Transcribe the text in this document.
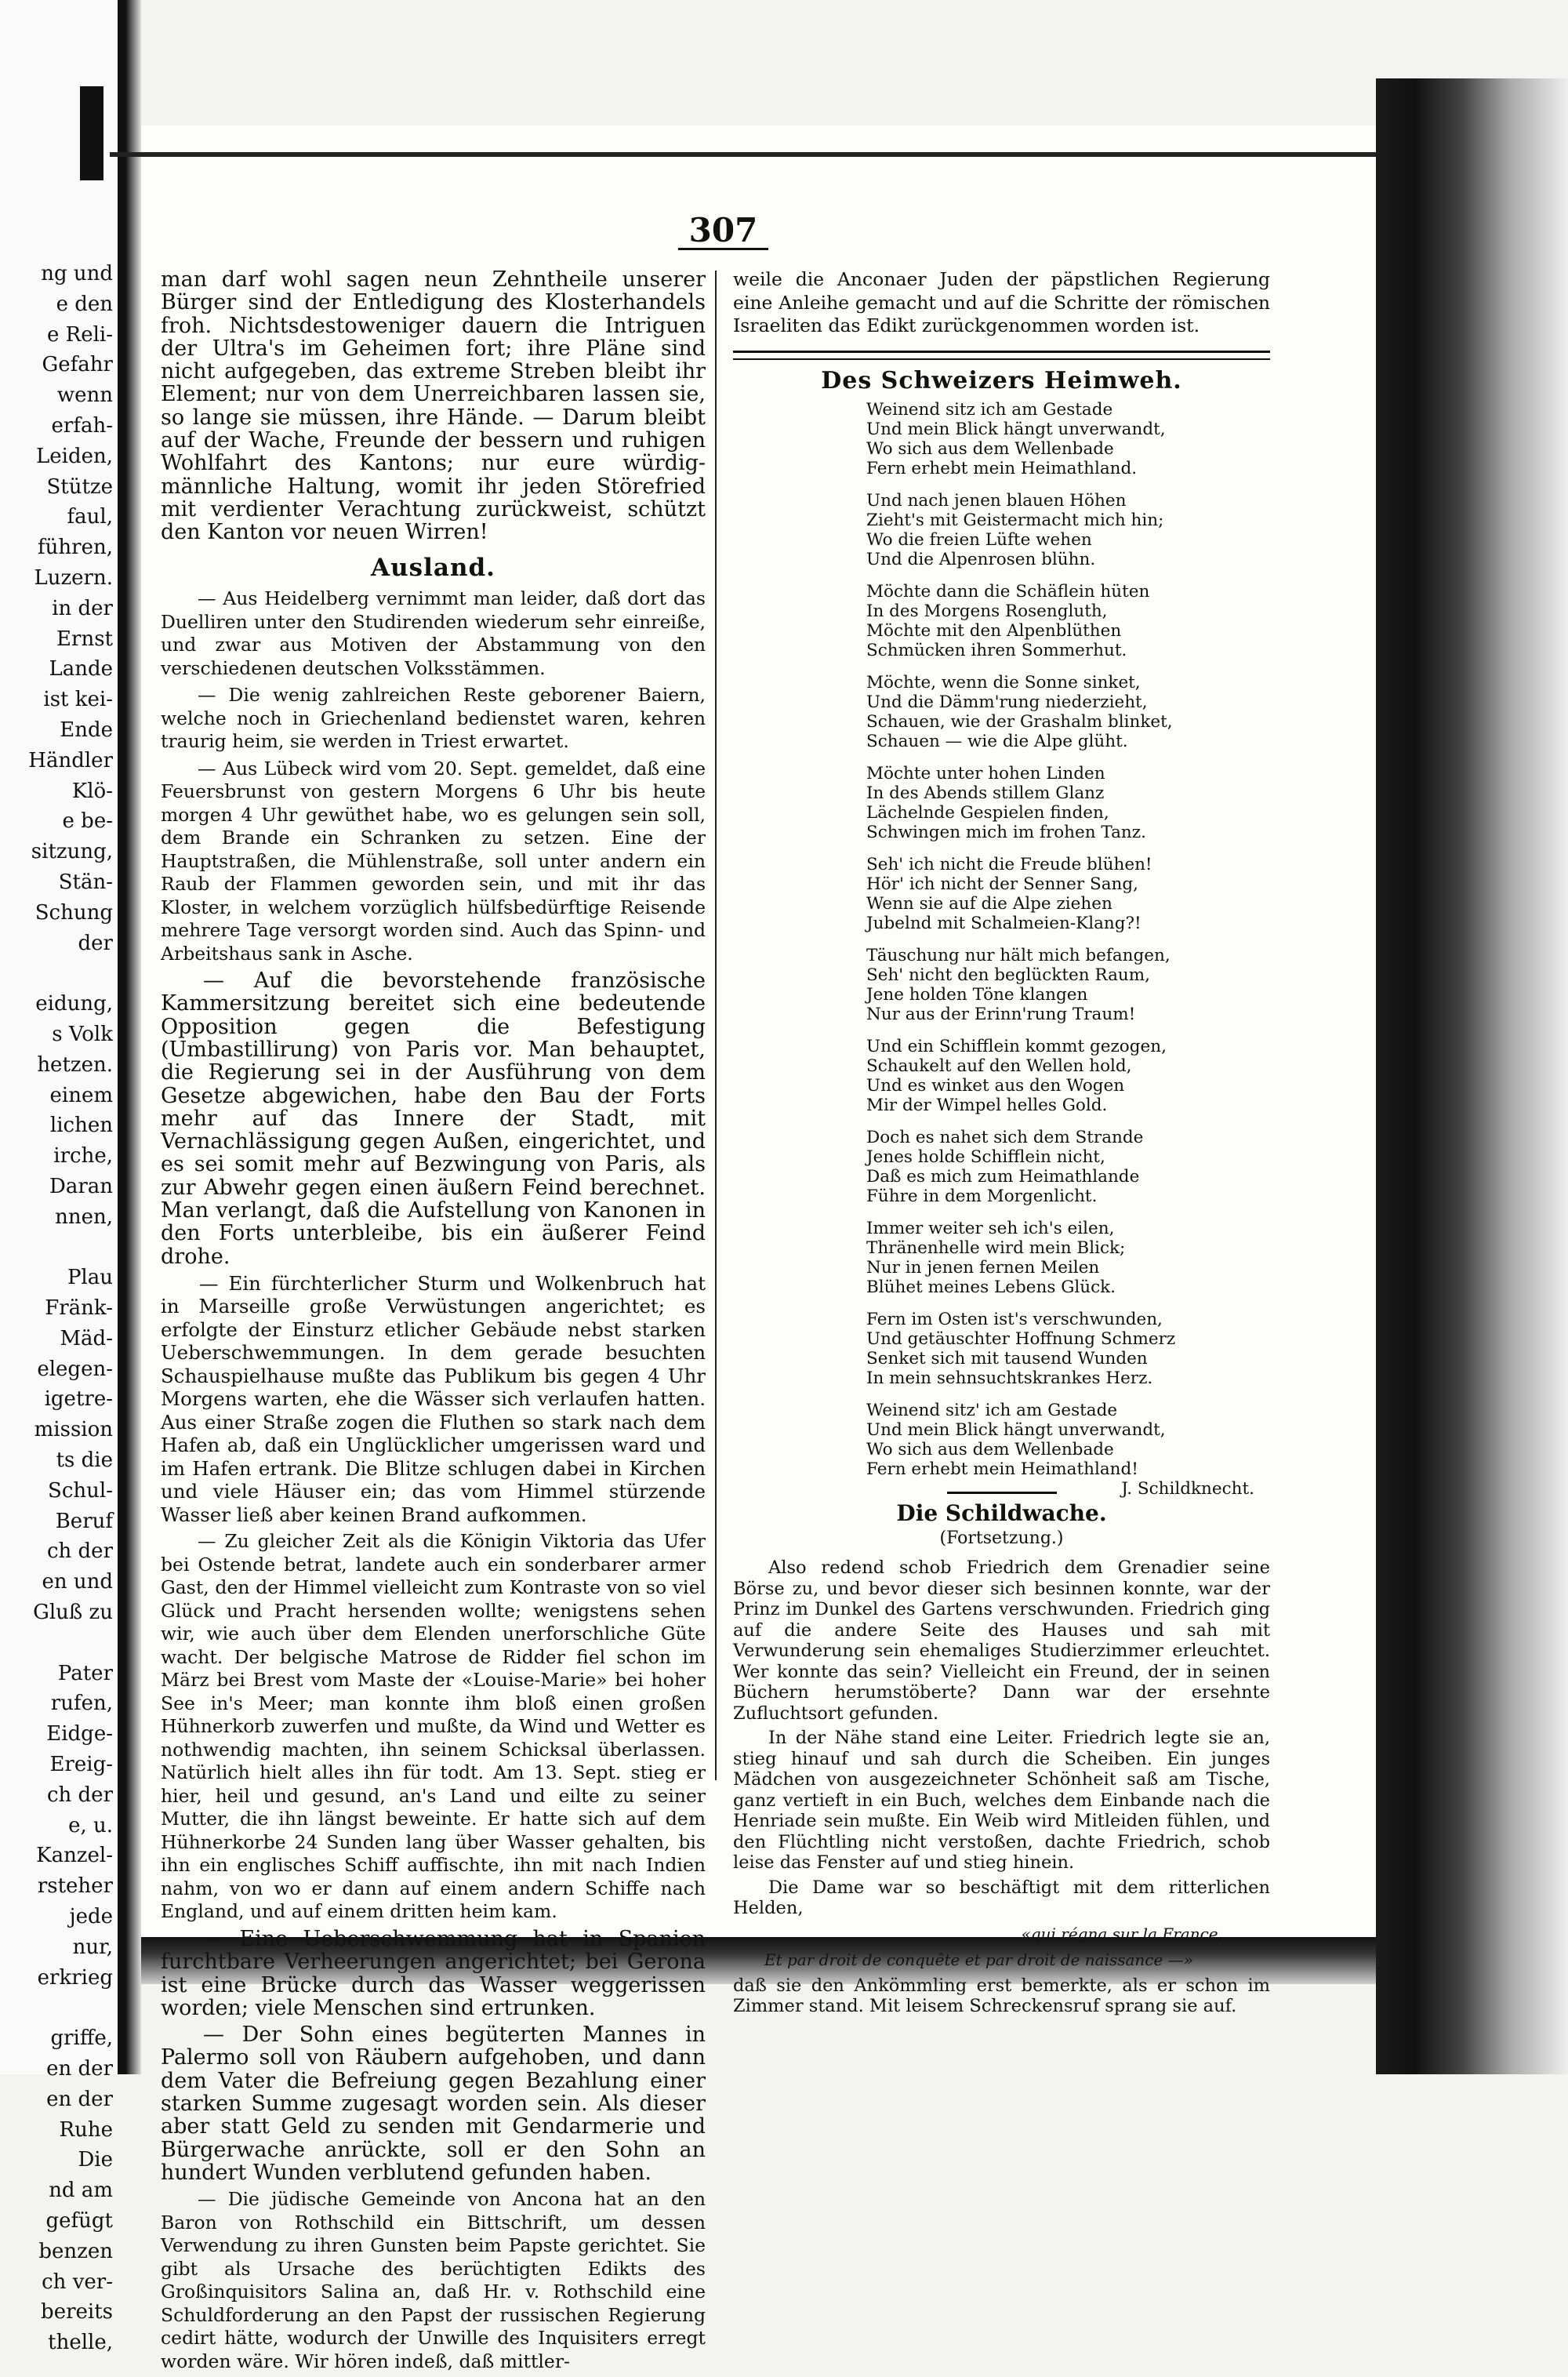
ng und
e den
e Reli-
Gefahr
wenn
erfah-
Leiden,
Stütze
faul,
führen,
Luzern.
in der
Ernst
Lande
ist kei-
Ende
Händler
Klö-
e be-
sitzung,
Stän-
Schung
der

eidung,
s Volk
hetzen.
einem
lichen
irche,
Daran
nnen,

Plau
Fränk-
Mäd-
elegen-
igetre-
mission
ts die
Schul-
Beruf
ch der
en und
Gluß zu

Pater
rufen,
Eidge-
Ereig-
ch der
e, u.
Kanzel-
rsteher
jede
nur,
erkrieg

griffe,
en der
en der
Ruhe
Die
nd am
gefügt
benzen
ch ver-
bereits
thelle,
307

man darf wohl sagen neun Zehntheile unserer Bürger sind der Entledigung des Klosterhandels froh. Nichtsdestoweniger dauern die Intriguen der Ultra's im Geheimen fort; ihre Pläne sind nicht aufgegeben, das extreme Streben bleibt ihr Element; nur von dem Unerreichbaren lassen sie, so lange sie müssen, ihre Hände. — Darum bleibt auf der Wache, Freunde der bessern und ruhigen Wohlfahrt des Kantons; nur eure würdig-männliche Haltung, womit ihr jeden Störefried mit verdienter Verachtung zurückweist, schützt den Kanton vor neuen Wirren!

Ausland.

— Aus Heidelberg vernimmt man leider, daß dort das Duelliren unter den Studirenden wiederum sehr einreiße, und zwar aus Motiven der Abstammung von den verschiedenen deutschen Volksstämmen.

— Die wenig zahlreichen Reste geborener Baiern, welche noch in Griechenland bedienstet waren, kehren traurig heim, sie werden in Triest erwartet.

— Aus Lübeck wird vom 20. Sept. gemeldet, daß eine Feuersbrunst von gestern Morgens 6 Uhr bis heute morgen 4 Uhr gewüthet habe, wo es gelungen sein soll, dem Brande ein Schranken zu setzen. Eine der Hauptstraßen, die Mühlenstraße, soll unter andern ein Raub der Flammen geworden sein, und mit ihr das Kloster, in welchem vorzüglich hülfsbedürftige Reisende mehrere Tage versorgt worden sind. Auch das Spinn- und Arbeitshaus sank in Asche.

— Auf die bevorstehende französische Kammersitzung bereitet sich eine bedeutende Opposition gegen die Befestigung (Umbastillirung) von Paris vor. Man behauptet, die Regierung sei in der Ausführung von dem Gesetze abgewichen, habe den Bau der Forts mehr auf das Innere der Stadt, mit Vernachlässigung gegen Außen, eingerichtet, und es sei somit mehr auf Bezwingung von Paris, als zur Abwehr gegen einen äußern Feind berechnet. Man verlangt, daß die Aufstellung von Kanonen in den Forts unterbleibe, bis ein äußerer Feind drohe.

— Ein fürchterlicher Sturm und Wolkenbruch hat in Marseille große Verwüstungen angerichtet; es erfolgte der Einsturz etlicher Gebäude nebst starken Ueberschwemmungen. In dem gerade besuchten Schauspielhause mußte das Publikum bis gegen 4 Uhr Morgens warten, ehe die Wässer sich verlaufen hatten. Aus einer Straße zogen die Fluthen so stark nach dem Hafen ab, daß ein Unglücklicher umgerissen ward und im Hafen ertrank. Die Blitze schlugen dabei in Kirchen und viele Häuser ein; das vom Himmel stürzende Wasser ließ aber keinen Brand aufkommen.

— Zu gleicher Zeit als die Königin Viktoria das Ufer bei Ostende betrat, landete auch ein sonderbarer armer Gast, den der Himmel vielleicht zum Kontraste von so viel Glück und Pracht hersenden wollte; wenigstens sehen wir, wie auch über dem Elenden unerforschliche Güte wacht. Der belgische Matrose de Ridder fiel schon im März bei Brest vom Maste der «Louise-Marie» bei hoher See in's Meer; man konnte ihm bloß einen großen Hühnerkorb zuwerfen und mußte, da Wind und Wetter es nothwendig machten, ihn seinem Schicksal überlassen. Natürlich hielt alles ihn für todt. Am 13. Sept. stieg er hier, heil und gesund, an's Land und eilte zu seiner Mutter, die ihn längst beweinte. Er hatte sich auf dem Hühnerkorbe 24 Sunden lang über Wasser gehalten, bis ihn ein englisches Schiff auffischte, ihn mit nach Indien nahm, von wo er dann auf einem andern Schiffe nach England, und auf einem dritten heim kam.

— Eine Ueberschwemmung hat in Spanien furchtbare Verheerungen angerichtet; bei Gerona ist eine Brücke durch das Wasser weggerissen worden; viele Menschen sind ertrunken.

— Der Sohn eines begüterten Mannes in Palermo soll von Räubern aufgehoben, und dann dem Vater die Befreiung gegen Bezahlung einer starken Summe zugesagt worden sein. Als dieser aber statt Geld zu senden mit Gendarmerie und Bürgerwache anrückte, soll er den Sohn an hundert Wunden verblutend gefunden haben.

— Die jüdische Gemeinde von Ancona hat an den Baron von Rothschild ein Bittschrift, um dessen Verwendung zu ihren Gunsten beim Papste gerichtet. Sie gibt als Ursache des berüchtigten Edikts des Großinquisitors Salina an, daß Hr. v. Rothschild eine Schuldforderung an den Papst der russischen Regierung cedirt hätte, wodurch der Unwille des Inquisiters erregt worden wäre. Wir hören indeß, daß mittler-

weile die Anconaer Juden der päpstlichen Regierung eine Anleihe gemacht und auf die Schritte der römischen Israeliten das Edikt zurückgenommen worden ist.

Des Schweizers Heimweh.
Weinend sitz ich am Gestade
Und mein Blick hängt unverwandt,
Wo sich aus dem Wellenbade
Fern erhebt mein Heimathland.
Und nach jenen blauen Höhen
Zieht's mit Geistermacht mich hin;
Wo die freien Lüfte wehen
Und die Alpenrosen blühn.
Möchte dann die Schäflein hüten
In des Morgens Rosengluth,
Möchte mit den Alpenblüthen
Schmücken ihren Sommerhut.
Möchte, wenn die Sonne sinket,
Und die Dämm'rung niederzieht,
Schauen, wie der Grashalm blinket,
Schauen — wie die Alpe glüht.
Möchte unter hohen Linden
In des Abends stillem Glanz
Lächelnde Gespielen finden,
Schwingen mich im frohen Tanz.
Seh' ich nicht die Freude blühen!
Hör' ich nicht der Senner Sang,
Wenn sie auf die Alpe ziehen
Jubelnd mit Schalmeien-Klang?!
Täuschung nur hält mich befangen,
Seh' nicht den beglückten Raum,
Jene holden Töne klangen
Nur aus der Erinn'rung Traum!
Und ein Schifflein kommt gezogen,
Schaukelt auf den Wellen hold,
Und es winket aus den Wogen
Mir der Wimpel helles Gold.
Doch es nahet sich dem Strande
Jenes holde Schifflein nicht,
Daß es mich zum Heimathlande
Führe in dem Morgenlicht.
Immer weiter seh ich's eilen,
Thränenhelle wird mein Blick;
Nur in jenen fernen Meilen
Blühet meines Lebens Glück.
Fern im Osten ist's verschwunden,
Und getäuschter Hoffnung Schmerz
Senket sich mit tausend Wunden
In mein sehnsuchtskrankes Herz.
Weinend sitz' ich am Gestade
Und mein Blick hängt unverwandt,
Wo sich aus dem Wellenbade
Fern erhebt mein Heimathland!
J. Schildknecht.
Die Schildwache.
(Fortsetzung.)

Also redend schob Friedrich dem Grenadier seine Börse zu, und bevor dieser sich besinnen konnte, war der Prinz im Dunkel des Gartens verschwunden. Friedrich ging auf die andere Seite des Hauses und sah mit Verwunderung sein ehemaliges Studierzimmer erleuchtet. Wer konnte das sein? Vielleicht ein Freund, der in seinen Büchern herumstöberte? Dann war der ersehnte Zufluchtsort gefunden.

In der Nähe stand eine Leiter. Friedrich legte sie an, stieg hinauf und sah durch die Scheiben. Ein junges Mädchen von ausgezeichneter Schönheit saß am Tische, ganz vertieft in ein Buch, welches dem Einbande nach die Henriade sein mußte. Ein Weib wird Mitleiden fühlen, und den Flüchtling nicht verstoßen, dachte Friedrich, schob leise das Fenster auf und stieg hinein.

Die Dame war so beschäftigt mit dem ritterlichen Helden,

«qui régna sur la France,
Et par droit de conquête et par droit de naissance —»

daß sie den Ankömmling erst bemerkte, als er schon im Zimmer stand. Mit leisem Schreckensruf sprang sie auf.
